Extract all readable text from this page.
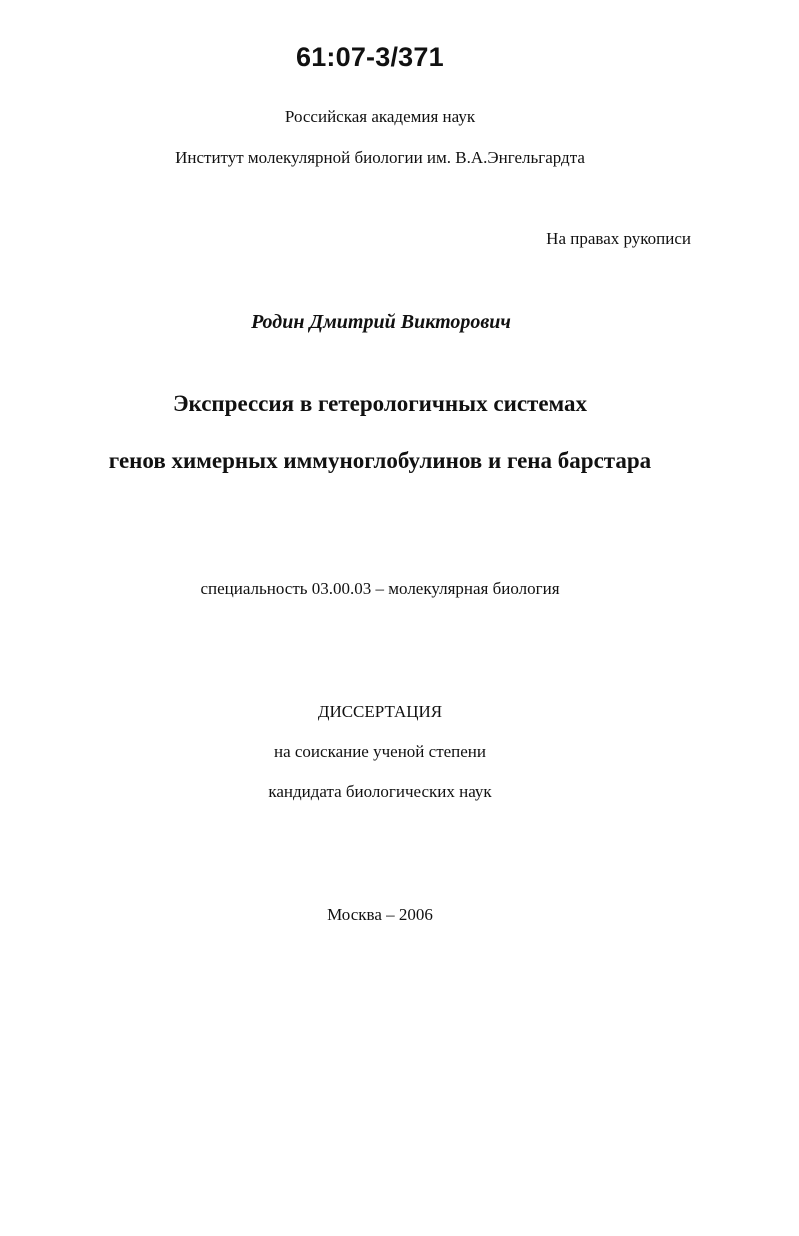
61:07-3/371
Российская академия наук
Институт молекулярной биологии им. В.А.Энгельгардта
На правах рукописи
Родин Дмитрий Викторович
Экспрессия в гетерологичных системах
генов химерных иммуноглобулинов и гена барстара
специальность 03.00.03 – молекулярная биология
ДИССЕРТАЦИЯ
на соискание ученой степени
кандидата биологических наук
Москва – 2006
